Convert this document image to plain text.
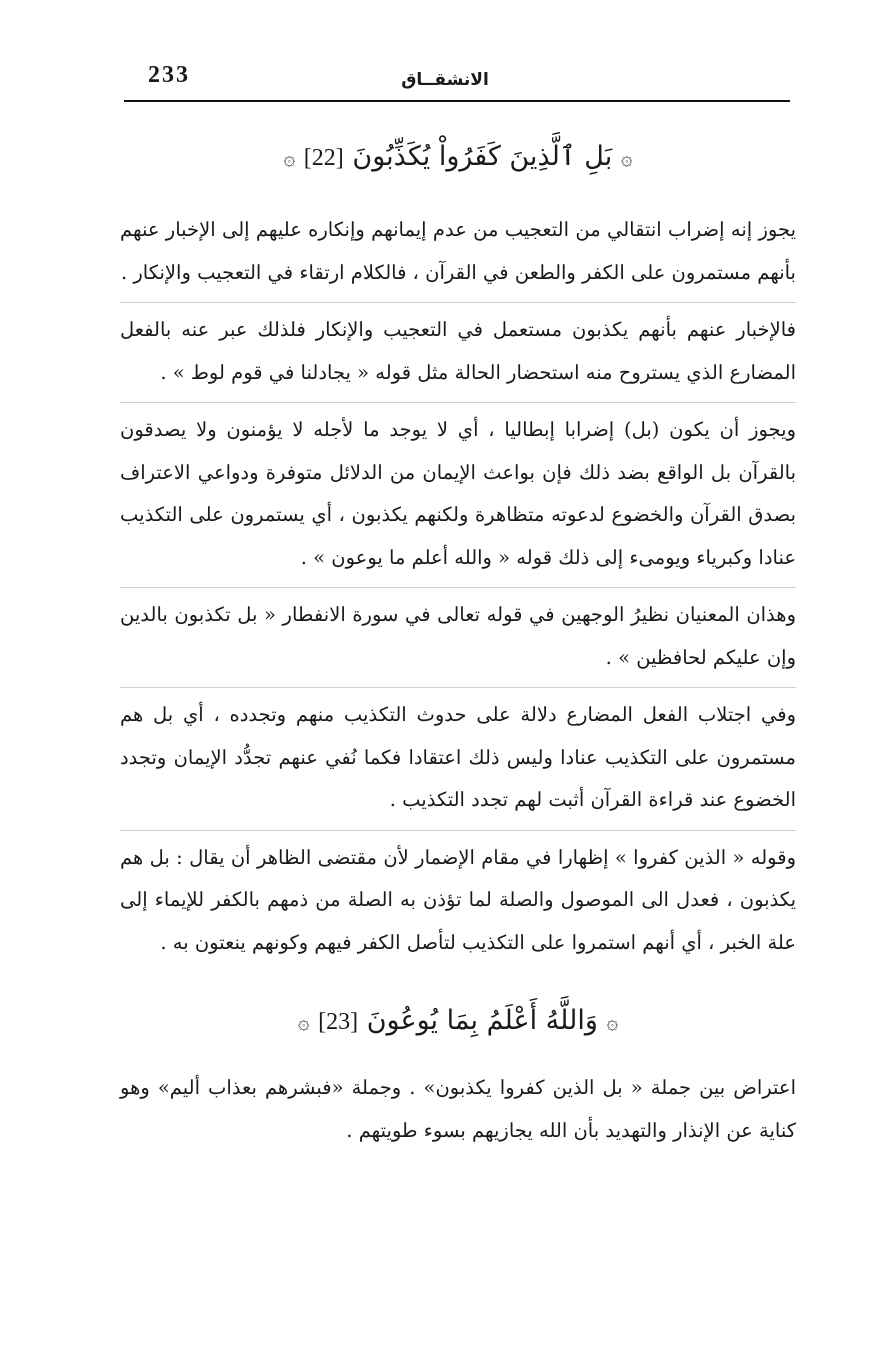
233	الانشقــاق
۞ بَلِ ٱلَّذِينَ كَفَرُواْ يُكَذِّبُونَ [22] ۞

يجوز إنه إضراب انتقالي من التعجيب من عدم إيمانهم وإنكاره عليهم إلى الإخبار عنهم بأنهم مستمرون على الكفر والطعن في القرآن ، فالكلام ارتقاء في التعجيب والإنكار .

فالإخبار عنهم بأنهم يكذبون مستعمل في التعجيب والإنكار فلذلك عبر عنه بالفعل المضارع الذي يستروح منه استحضار الحالة مثل قوله « يجادلنا في قوم لوط » .

ويجوز أن يكون (بل) إضرابا إبطاليا ، أي لا يوجد ما لأجله لا يؤمنون ولا يصدقون بالقرآن بل الواقع بضد ذلك فإن بواعث الإيمان من الدلائل متوفرة ودواعي الاعتراف بصدق القرآن والخضوع لدعوته متظاهرة ولكنهم يكذبون ، أي يستمرون على التكذيب عنادا وكبرياء ويومىء إلى ذلك قوله « والله أعلم ما يوعون » .

وهذان المعنيان نظيرُ الوجهين في قوله تعالى في سورة الانفطار « بل تكذبون بالدين وإن عليكم لحافظين » .

وفي اجتلاب الفعل المضارع دلالة على حدوث التكذيب منهم وتجدده ، أي بل هم مستمرون على التكذيب عنادا وليس ذلك اعتقادا فكما نُفي عنهم تجدُّد الإيمان وتجدد الخضوع عند قراءة القرآن أثبت لهم تجدد التكذيب .

وقوله « الذين كفروا » إظهارا في مقام الإضمار لأن مقتضى الظاهر أن يقال : بل هم يكذبون ، فعدل الى الموصول والصلة لما تؤذن به الصلة من ذمهم بالكفر للإيماء إلى علة الخبر ، أي أنهم استمروا على التكذيب لتأصل الكفر فيهم وكونهم ينعتون به .

۞ وَاللَّهُ أَعْلَمُ بِمَا يُوعُونَ [23] ۞

اعتراض بين جملة « بل الذين كفروا يكذبون» . وجملة «فبشرهم بعذاب أليم» وهو كناية عن الإنذار والتهديد بأن الله يجازيهم بسوء طويتهم .
